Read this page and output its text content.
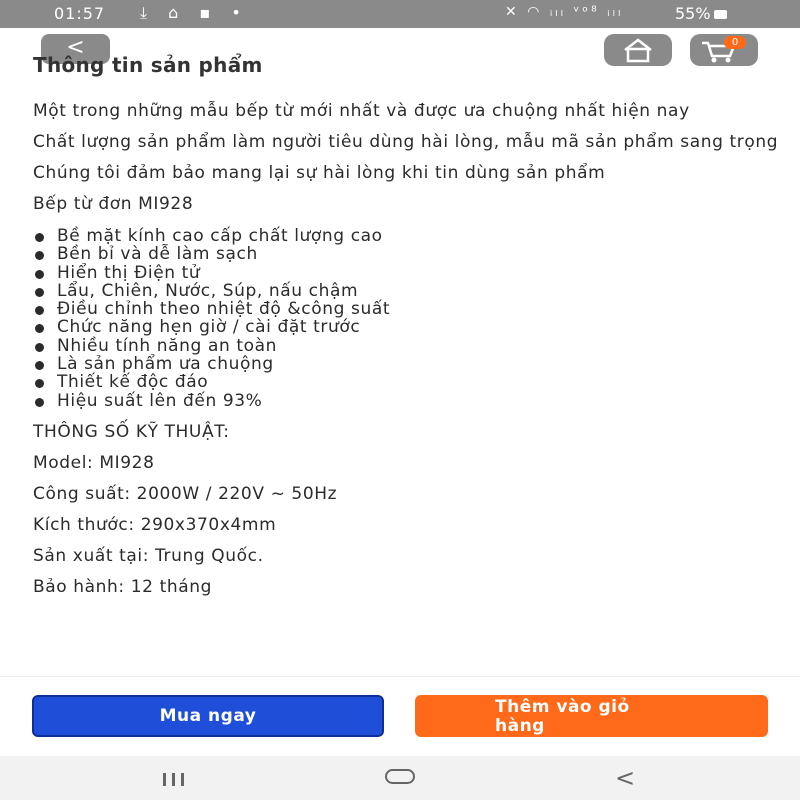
01:57 ⤓ ⌂ ▪ •	✕ ◠ ᵢₗₗ ᵛᵒ⁸ ᵢₗₗ	55%
<	0
Thông tin sản phẩm

Một trong những mẫu bếp từ mới nhất và được ưa chuộng nhất hiện nay

Chất lượng sản phẩm làm người tiêu dùng hài lòng, mẫu mã sản phẩm sang trọng

Chúng tôi đảm bảo mang lại sự hài lòng khi tin dùng sản phẩm

Bếp từ đơn MI928

Bề mặt kính cao cấp chất lượng cao
Bền bỉ và dễ làm sạch
Hiển thị Điện tử
Lẩu, Chiên, Nước, Súp, nấu chậm
Điều chỉnh theo nhiệt độ &công suất
Chức năng hẹn giờ / cài đặt trước
Nhiều tính năng an toàn
Là sản phẩm ưa chuộng
Thiết kế độc đáo
Hiệu suất lên đến 93%

THÔNG SỐ KỸ THUẬT:

Model: MI928

Công suất: 2000W / 220V ~ 50Hz

Kích thước: 290x370x4mm

Sản xuất tại: Trung Quốc.

Bảo hành: 12 tháng

Mua ngay	Thêm vào giỏ
hàng
<
